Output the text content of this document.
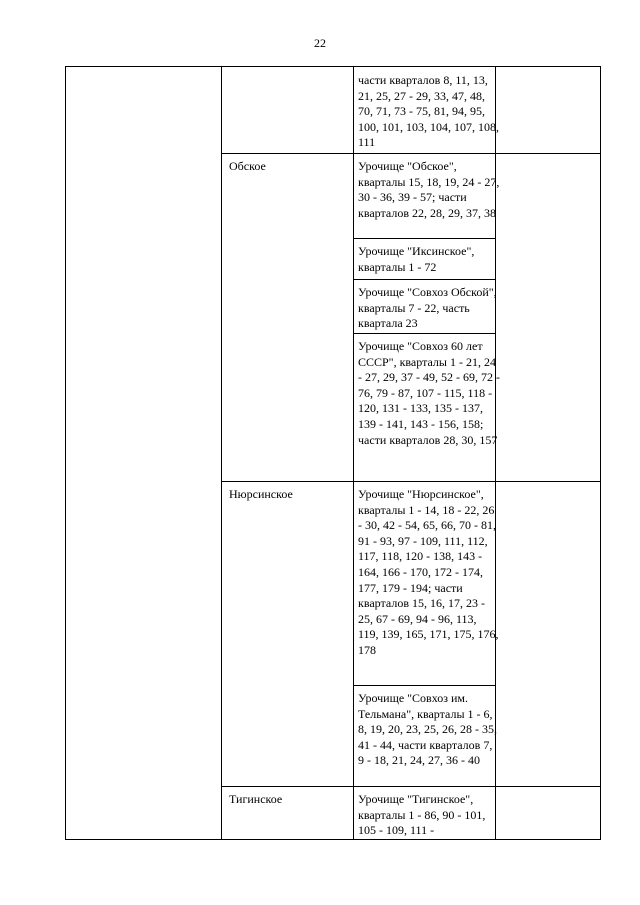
22
Обское
Нюрсинское
Тигинское
части кварталов 8, 11, 13, 21, 25, 27 - 29, 33, 47, 48, 70, 71, 73 - 75, 81, 94, 95, 100, 101, 103, 104, 107, 108, 111
Урочище "Обское", кварталы 15, 18, 19, 24 - 27, 30 - 36, 39 - 57; части кварталов 22, 28, 29, 37, 38
Урочище "Иксинское", кварталы 1 - 72
Урочище "Совхоз Обской", кварталы 7 - 22, часть квартала 23
Урочище "Совхоз 60 лет СССР", кварталы 1 - 21, 24 - 27, 29, 37 - 49, 52 - 69, 72 - 76, 79 - 87, 107 - 115, 118 - 120, 131 - 133, 135 - 137, 139 - 141, 143 - 156, 158; части кварталов 28, 30, 157
Урочище "Нюрсинское", кварталы 1 - 14, 18 - 22, 26 - 30, 42 - 54, 65, 66, 70 - 81, 91 - 93, 97 - 109, 111, 112, 117, 118, 120 - 138, 143 - 164, 166 - 170, 172 - 174, 177, 179 - 194; части кварталов 15, 16, 17, 23 - 25, 67 - 69, 94 - 96, 113, 119, 139, 165, 171, 175, 176, 178
Урочище "Совхоз им. Тельмана", кварталы 1 - 6, 8, 19, 20, 23, 25, 26, 28 - 35, 41 - 44, части кварталов 7, 9 - 18, 21, 24, 27, 36 - 40
Урочище "Тигинское", кварталы 1 - 86, 90 - 101, 105 - 109, 111 -
